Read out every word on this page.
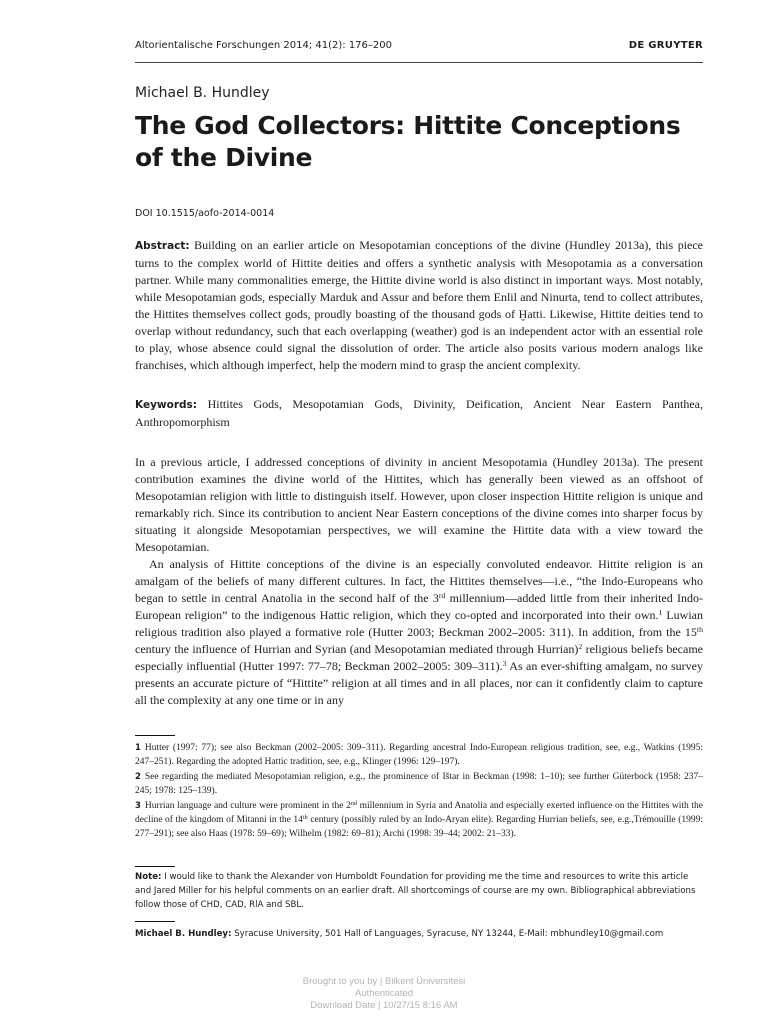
Altorientalische Forschungen 2014; 41(2): 176–200	DE GRUYTER
Michael B. Hundley
The God Collectors: Hittite Conceptions
of the Divine
DOI 10.1515/aofo-2014-0014

Abstract: Building on an earlier article on Mesopotamian conceptions of the divine (Hundley 2013a), this piece turns to the complex world of Hittite deities and offers a synthetic analysis with Mesopotamia as a conversation partner. While many commonalities emerge, the Hittite divine world is also distinct in important ways. Most notably, while Mesopotamian gods, especially Marduk and Assur and before them Enlil and Ninurta, tend to collect attributes, the Hittites themselves collect gods, proudly boasting of the thousand gods of Ḫatti. Likewise, Hittite deities tend to overlap without redundancy, such that each overlapping (weather) god is an independent actor with an essential role to play, whose absence could signal the dissolution of order. The article also posits various modern analogs like franchises, which although imperfect, help the modern mind to grasp the ancient complexity.

Keywords: Hittites Gods, Mesopotamian Gods, Divinity, Deification, Ancient Near Eastern Panthea, Anthropomorphism

In a previous article, I addressed conceptions of divinity in ancient Mesopotamia (Hundley 2013a). The present contribution examines the divine world of the Hittites, which has generally been viewed as an offshoot of Mesopotamian religion with little to distinguish itself. However, upon closer inspection Hittite religion is unique and remarkably rich. Since its contribution to ancient Near Eastern conceptions of the divine comes into sharper focus by situating it alongside Mesopotamian perspectives, we will examine the Hittite data with a view toward the Mesopotamian.

An analysis of Hittite conceptions of the divine is an especially convoluted endeavor. Hittite religion is an amalgam of the beliefs of many different cultures. In fact, the Hittites themselves—i.e., “the Indo-Europeans who began to settle in central Anatolia in the second half of the 3rd millennium—added little from their inherited Indo-European religion” to the indigenous Hattic religion, which they co-opted and incorporated into their own.$^1$ Luwian religious tradition also played a formative role (Hutter 2003; Beckman 2002–2005: 311). In addition, from the 15th century the influence of Hurrian and Syrian (and Mesopotamian mediated through Hurrian)$^2$ religious beliefs became especially influential (Hutter 1997: 77–78; Beckman 2002–2005: 309–311).$^3$ As an ever-shifting amalgam, no survey presents an accurate picture of “Hittite” religion at all times and in all places, nor can it confidently claim to capture all the complexity at any one time or in any

1 Hutter (1997: 77); see also Beckman (2002–2005: 309–311). Regarding ancestral Indo-European religious tradition, see, e.g., Watkins (1995: 247–251). Regarding the adopted Hattic tradition, see, e.g., Klinger (1996: 129–197).

2 See regarding the mediated Mesopotamian religion, e.g., the prominence of Ištar in Beckman (1998: 1–10); see further Güterbock (1958: 237–245; 1978: 125–139).

3 Hurrian language and culture were prominent in the 2nd millennium in Syria and Anatolia and especially exerted influence on the Hittites with the decline of the kingdom of Mitanni in the 14th century (possibly ruled by an Indo-Aryan elite). Regarding Hurrian beliefs, see, e.g.,Trémouille (1999: 277–291); see also Haas (1978: 59–69); Wilhelm (1982: 69–81); Archi (1998: 39–44; 2002: 21–33).

Note: I would like to thank the Alexander von Humboldt Foundation for providing me the time and resources to write this article and Jared Miller for his helpful comments on an earlier draft. All shortcomings of course are my own. Bibliographical abbreviations follow those of CHD, CAD, RlA and SBL.

Michael B. Hundley: Syracuse University, 501 Hall of Languages, Syracuse, NY 13244, E-Mail: mbhundley10@gmail.com

Brought to you by | Bilkent Üniversitesi
Authenticated
Download Date | 10/27/15 8:16 AM
